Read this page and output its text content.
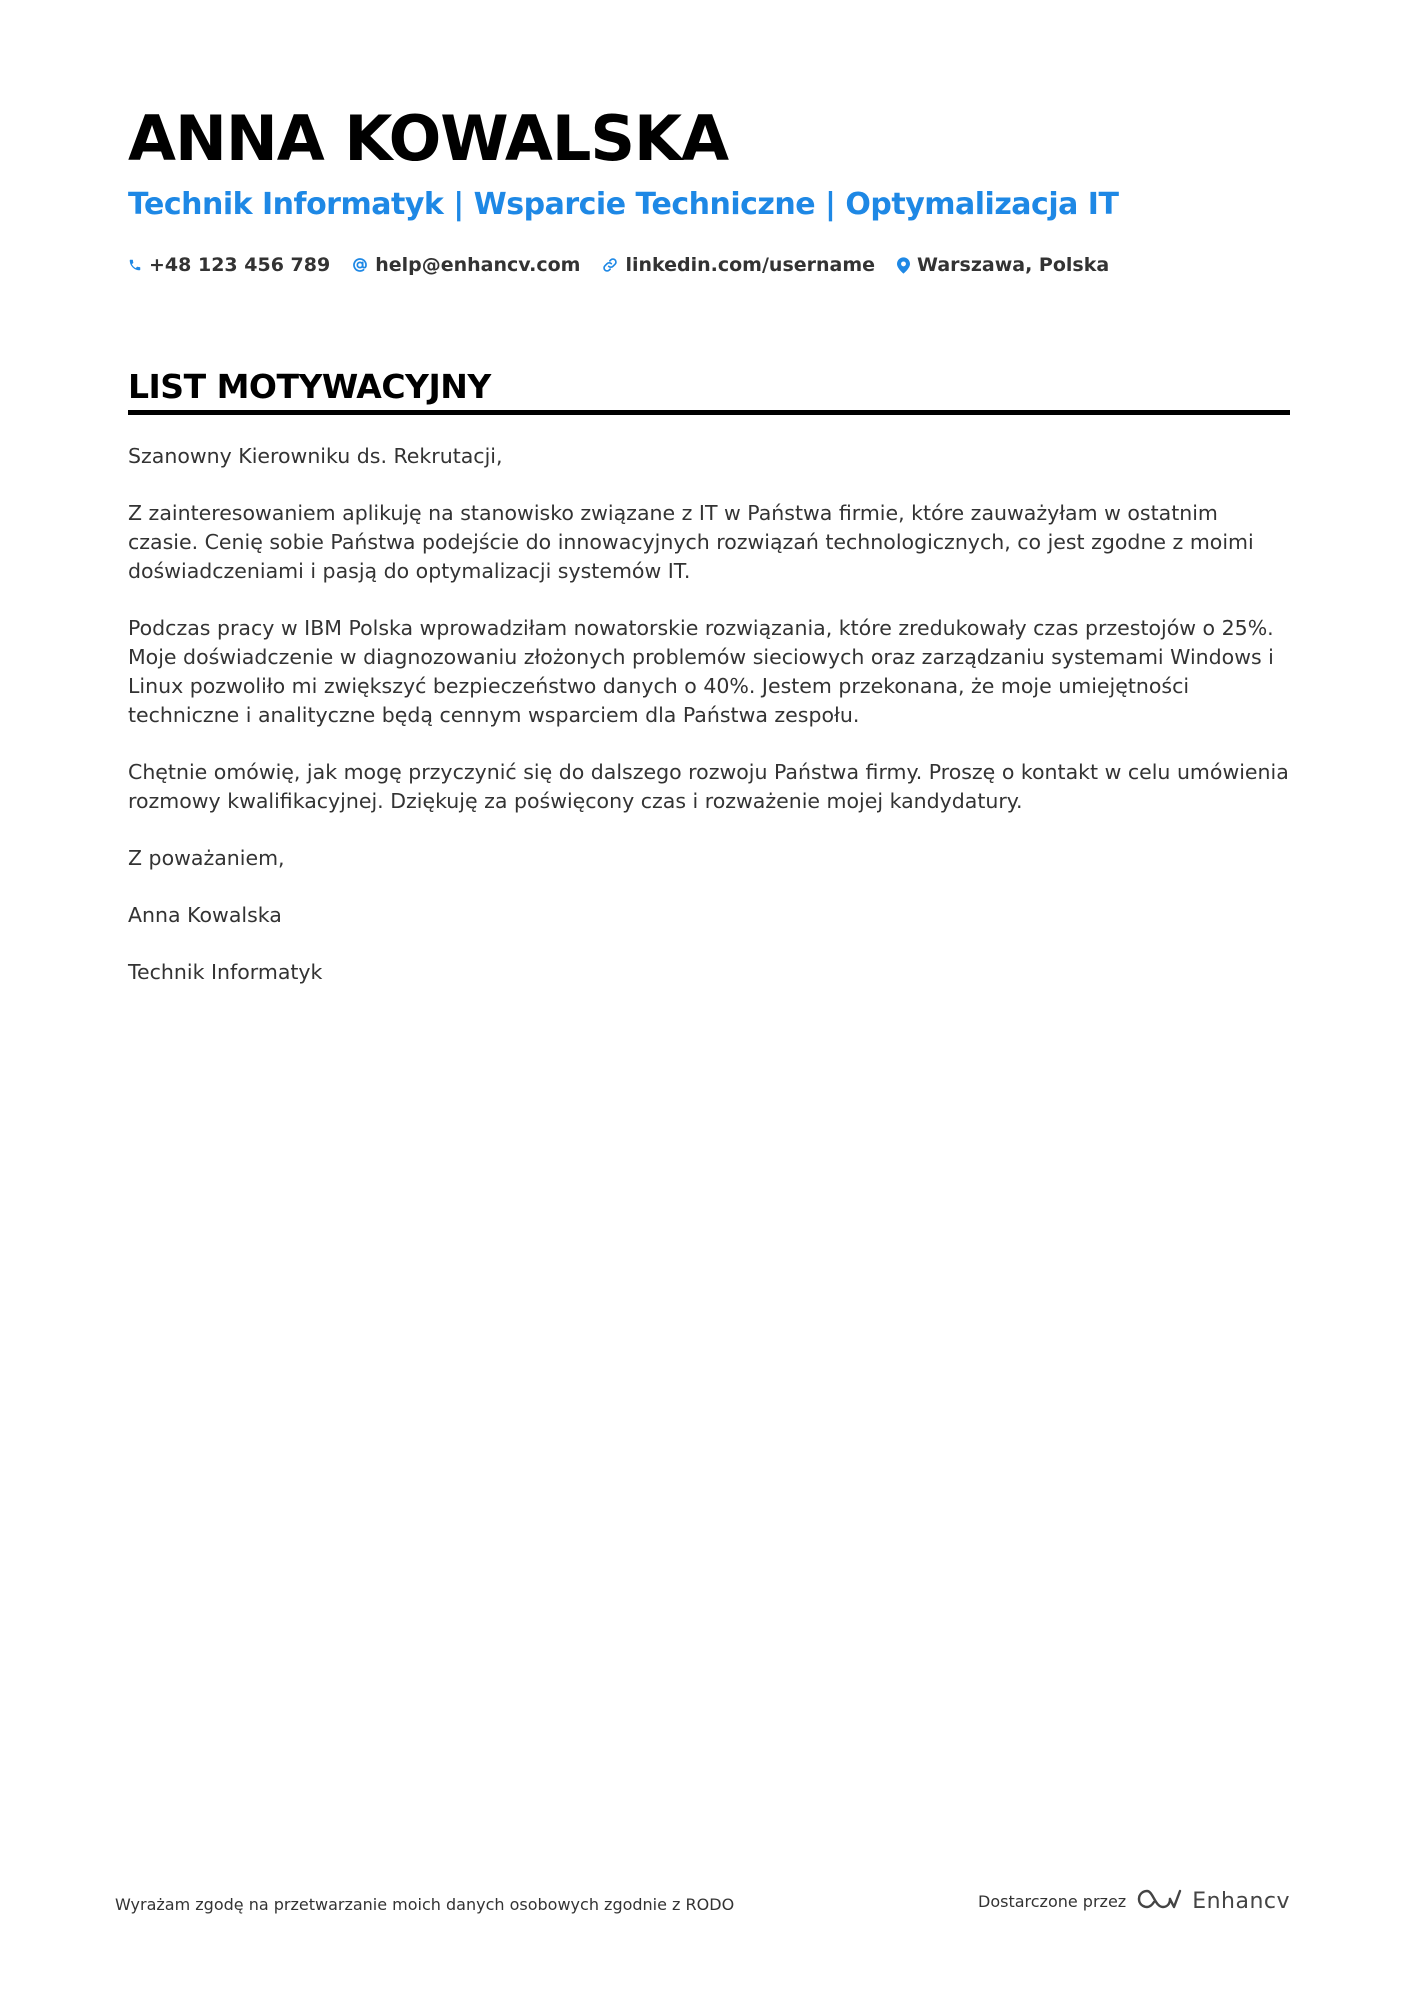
ANNA KOWALSKA
Technik Informatyk | Wsparcie Techniczne | Optymalizacja IT
+48 123 456 789 help@enhancv.com linkedin.com/username Warszawa, Polska
LIST MOTYWACYJNY

Szanowny Kierowniku ds. Rekrutacji,

Z zainteresowaniem aplikuję na stanowisko związane z IT w Państwa firmie, które zauważyłam w ostatnim czasie. Cenię sobie Państwa podejście do innowacyjnych rozwiązań technologicznych, co jest zgodne z moimi doświadczeniami i pasją do optymalizacji systemów IT.

Podczas pracy w IBM Polska wprowadziłam nowatorskie rozwiązania, które zredukowały czas przestojów o 25%. Moje doświadczenie w diagnozowaniu złożonych problemów sieciowych oraz zarządzaniu systemami Windows i Linux pozwoliło mi zwiększyć bezpieczeństwo danych o 40%. Jestem przekonana, że moje umiejętności techniczne i analityczne będą cennym wsparciem dla Państwa zespołu.

Chętnie omówię, jak mogę przyczynić się do dalszego rozwoju Państwa firmy. Proszę o kontakt w celu umówienia rozmowy kwalifikacyjnej. Dziękuję za poświęcony czas i rozważenie mojej kandydatury.

Z poważaniem,

Anna Kowalska

Technik Informatyk

Wyrażam zgodę na przetwarzanie moich danych osobowych zgodnie z RODO	Dostarczone przez	Enhancv
